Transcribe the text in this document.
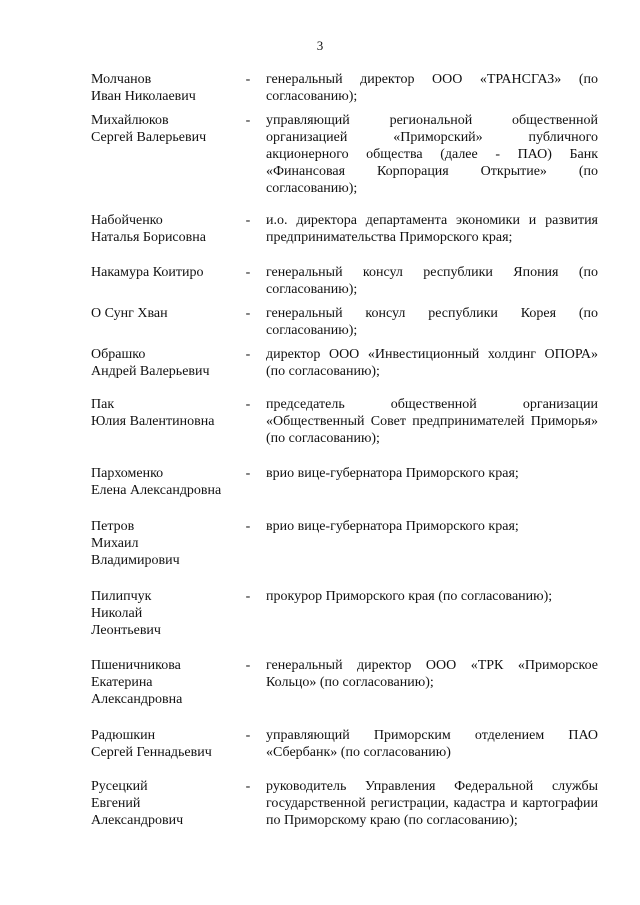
3
Молчанов
Иван Николаевич
- генеральный директор ООО «ТРАНСГАЗ» (по согласованию);
Михайлюков
Сергей Валерьевич
- управляющий региональной общественной организацией «Приморский» публичного акционерного общества (далее - ПАО) Банк «Финансовая Корпорация Открытие» (по согласованию);
Набойченко
Наталья Борисовна
- и.о. директора департамента экономики и развития предпринимательства Приморского края;
Накамура Коитиро	- генеральный консул республики Япония (по согласованию);
О Сунг Хван	- генеральный консул республики Корея (по согласованию);
Обрашко
Андрей Валерьевич
- директор ООО «Инвестиционный холдинг ОПОРА» (по согласованию);
Пак
Юлия Валентиновна
- председатель общественной организации «Общественный Совет предпринимателей Приморья» (по согласованию);
Пархоменко
Елена Александровна
- врио вице-губернатора Приморского края;
Петров
Михаил
Владимирович
- врио вице-губернатора Приморского края;
Пилипчук
Николай
Леонтьевич
- прокурор Приморского края (по согласованию);
Пшеничникова
Екатерина
Александровна
- генеральный директор ООО «ТРК «Приморское Кольцо» (по согласованию);
Радюшкин
Сергей Геннадьевич
- управляющий Приморским отделением ПАО «Сбербанк» (по согласованию)
Русецкий
Евгений
Александрович
- руководитель Управления Федеральной службы государственной регистрации, кадастра и картографии по Приморскому краю (по согласованию);
